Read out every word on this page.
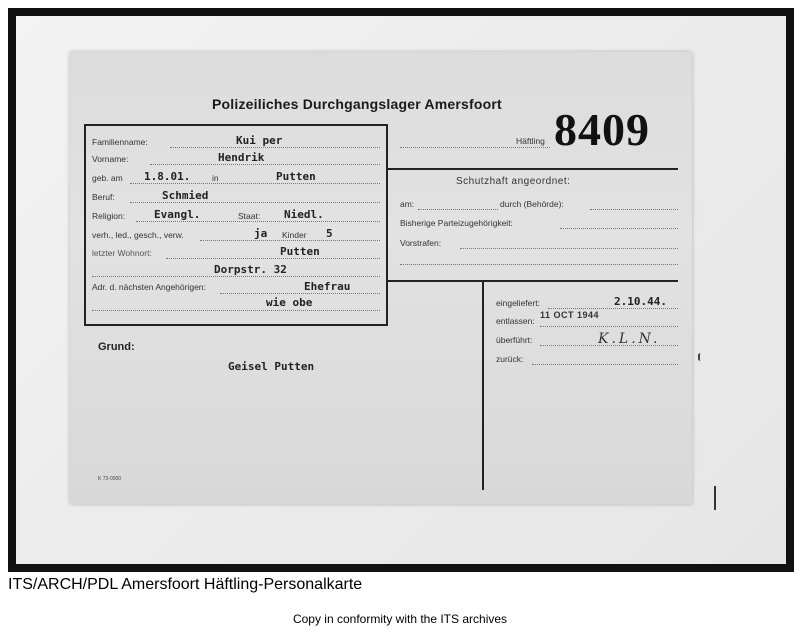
Polizeiliches Durchgangslager Amersfoort
Häftling 8409
Familienname:	Kui per
Vorname:	Hendrik
geb. am 1.8.01.	in	Putten
Beruf:	Schmied
Religion:	Evangl.	Staat: Niedl.
verh., led., gesch., verw.	ja Kinder 5
letzter Wohnort:	Putten
Dorpstr. 32
Adr. d. nächsten Angehörigen:	Ehefrau
wie obe
Schutzhaft angeordnet:
am:	durch (Behörde):
Bisherige Parteizugehörigkeit:
Vorstrafen:
eingeliefert:	2.10.44.
entlassen:
11 OCT 1944
überführt:	K.L.N.
zurück:
Grund:
Geisel Putten
K 73-0000
ITS/ARCH/PDL Amersfoort Häftling-Personalkarte
Copy in conformity with the ITS archives
